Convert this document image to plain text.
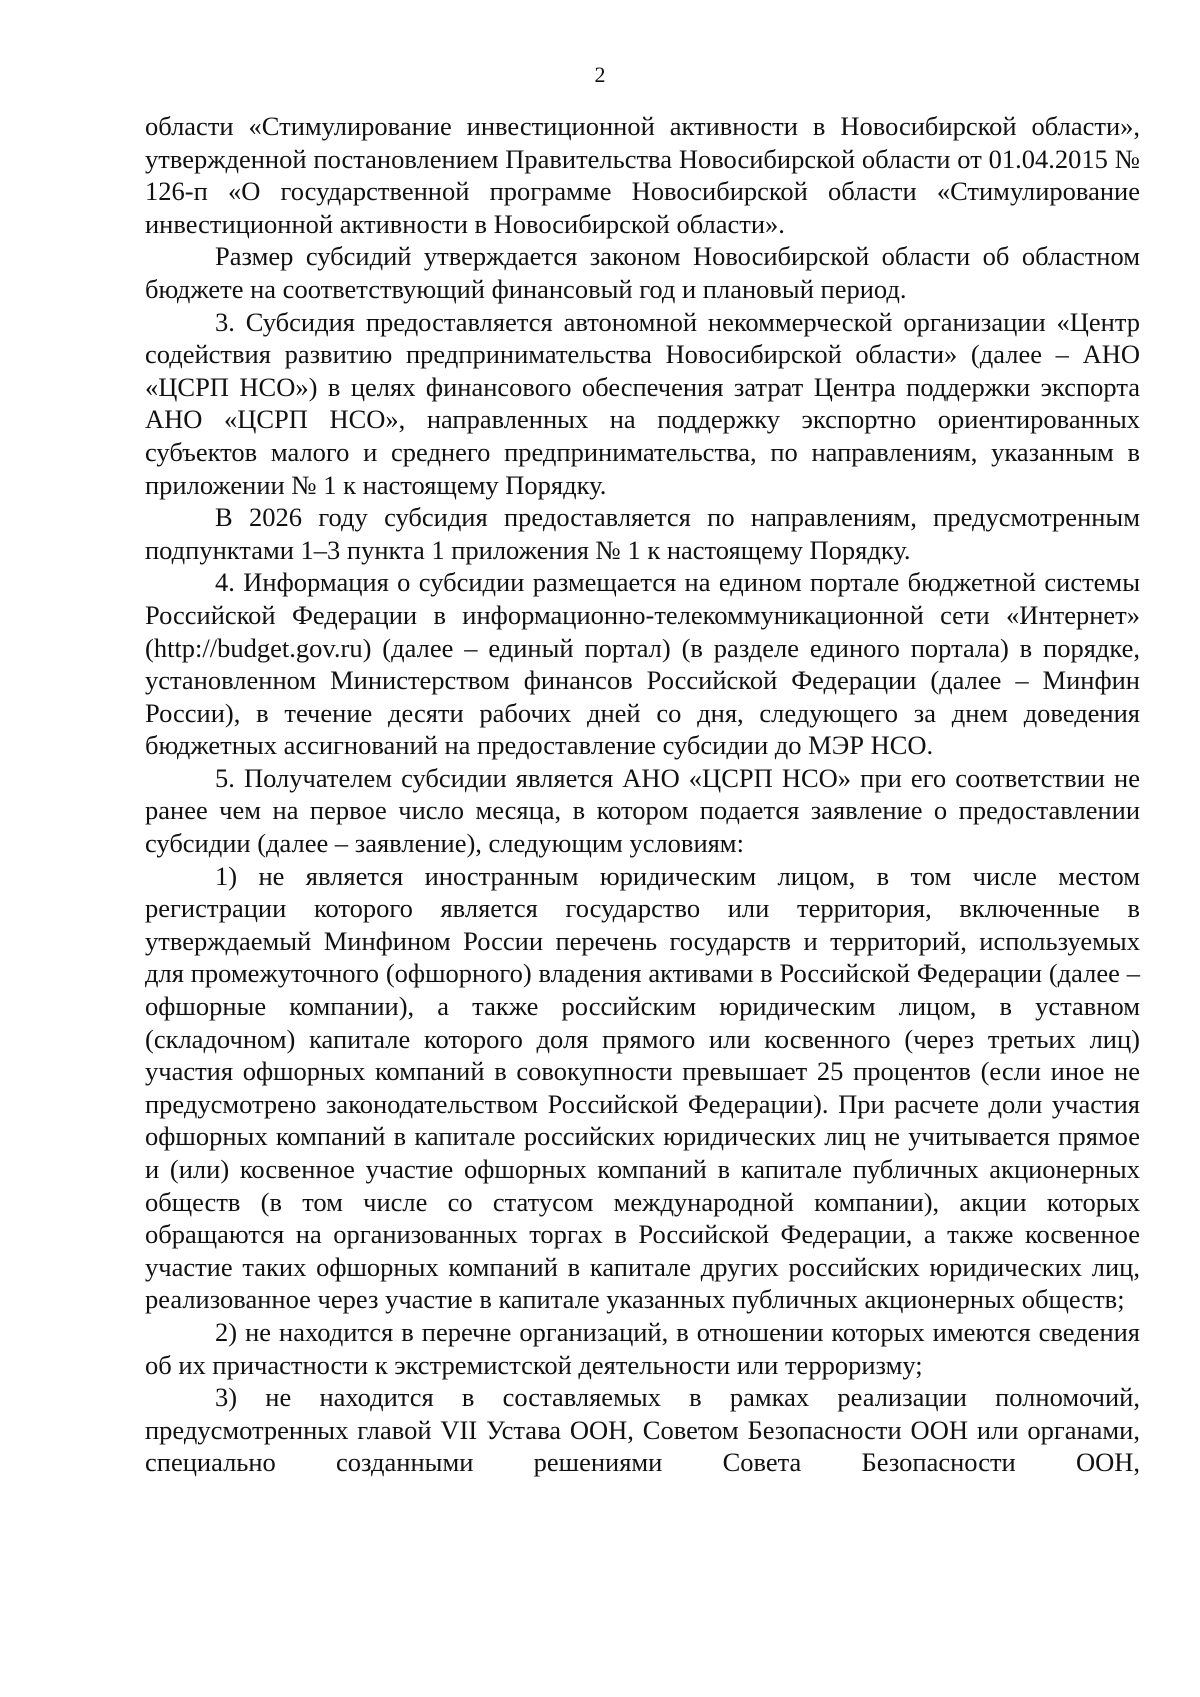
2

области «Стимулирование инвестиционной активности в Новосибирской области», утвержденной постановлением Правительства Новосибирской области от 01.04.2015 № 126-п «О государственной программе Новосибирской области «Стимулирование инвестиционной активности в Новосибирской области».

Размер субсидий утверждается законом Новосибирской области об областном бюджете на соответствующий финансовый год и плановый период.

3. Субсидия предоставляется автономной некоммерческой организации «Центр содействия развитию предпринимательства Новосибирской области» (далее – АНО «ЦСРП НСО») в целях финансового обеспечения затрат Центра поддержки экспорта АНО «ЦСРП НСО», направленных на поддержку экспортно ориентированных субъектов малого и среднего предпринимательства, по направлениям, указанным в приложении № 1 к настоящему Порядку.

В 2026 году субсидия предоставляется по направлениям, предусмотренным подпунктами 1–3 пункта 1 приложения № 1 к настоящему Порядку.

4. Информация о субсидии размещается на едином портале бюджетной системы Российской Федерации в информационно-телекоммуникационной сети «Интернет» (http://budget.gov.ru) (далее – единый портал) (в разделе единого портала) в порядке, установленном Министерством финансов Российской Федерации (далее – Минфин России), в течение десяти рабочих дней со дня, следующего за днем доведения бюджетных ассигнований на предоставление субсидии до МЭР НСО.

5. Получателем субсидии является АНО «ЦСРП НСО» при его соответствии не ранее чем на первое число месяца, в котором подается заявление о предоставлении субсидии (далее – заявление), следующим условиям:

1) не является иностранным юридическим лицом, в том числе местом регистрации которого является государство или территория, включенные в утверждаемый Минфином России перечень государств и территорий, используемых для промежуточного (офшорного) владения активами в Российской Федерации (далее – офшорные компании), а также российским юридическим лицом, в уставном (складочном) капитале которого доля прямого или косвенного (через третьих лиц) участия офшорных компаний в совокупности превышает 25 процентов (если иное не предусмотрено законодательством Российской Федерации). При расчете доли участия офшорных компаний в капитале российских юридических лиц не учитывается прямое и (или) косвенное участие офшорных компаний в капитале публичных акционерных обществ (в том числе со статусом международной компании), акции которых обращаются на организованных торгах в Российской Федерации, а также косвенное участие таких офшорных компаний в капитале других российских юридических лиц, реализованное через участие в капитале указанных публичных акционерных обществ;

2) не находится в перечне организаций, в отношении которых имеются сведения об их причастности к экстремистской деятельности или терроризму;

3) не находится в составляемых в рамках реализации полномочий, предусмотренных главой VII Устава ООН, Советом Безопасности ООН или органами, специально созданными решениями Совета Безопасности ООН,
